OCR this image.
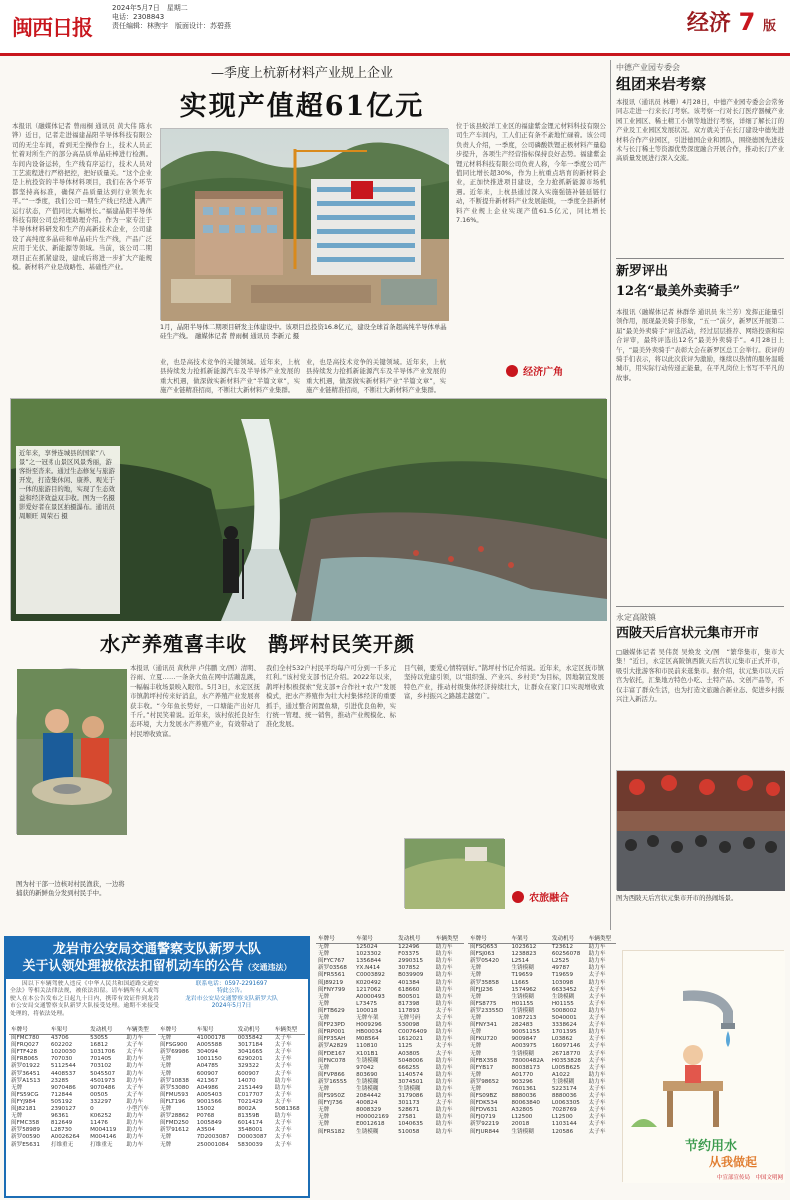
闽西日报
2024年5月7日　星期二
电话：2308843
责任编辑：林煦宇　版面设计：苏碧燕	经济 7 版
—季度上杭新材料产业规上企业
实现产值超61亿元
本报讯（融媒体记者 曾雨桐 通讯员 黄大伟 陈水铧）近日，记者走进福建晶阳半导体科技有限公司的无尘车间，看到无尘操作台上，技术人员正忙着对所生产的部分高品质单晶硅棒进行检测。车间内设备运转，生产线有序运行，技术人员对工艺流程进行严格把控，把好质量关。“这个企业是上杭投资的半导体材料项目，我们在各个环节都坚持高标准，确保产品质量达到行业领先水平。”“一季度，我们公司一期生产线已经进入满产运行状态，产值同比大幅增长。”福建晶阳半导体科技有限公司总经理助理介绍。作为一家专注于半导体材料研发和生产的高新技术企业，公司建设了高纯度多晶硅和单晶硅片生产线，产品广泛应用于光伏、新能源等领域。当前，该公司二期项目正在抓紧建设，建成后将进一步扩大产能规模。新材料产业是战略性、基础性产业。
1月，晶阳半导体二期项目研发主体建设中。该项目总投资16.8亿元，建设全球首条超高纯半导体单晶硅生产线。　融媒体记者 曾雨桐 通讯员 李新元 摄
业，也是高技术竞争的关键领域。近年来，上杭县持续发力抢抓新能源汽车及半导体产业发展的重大机遇，做深做实新材料产业“半篇文章”，实施产业链精准招商，不断壮大新材料产业集群。
业，也是高技术竞争的关键领域。近年来，上杭县持续发力抢抓新能源汽车及半导体产业发展的重大机遇，做深做实新材料产业“半篇文章”，实施产业链精准招商，不断壮大新材料产业集群。
位于该县蛟洋工业区的福建紫金锂元材料科技有限公司生产车间内，工人们正有条不紊地忙碌着。该公司负责人介绍，一季度，公司磷酸铁锂正极材料产量稳步提升，各项生产经营指标保持良好态势。福建紫金锂元材料科技有限公司负责人称，今年一季度公司产值同比增长超30%，作为上杭重点培育的新材料企业，正加快推进项目建设，全力抢抓新能源市场机遇。近年来，上杭县通过深入实施强链补链延链行动，不断提升新材料产业发展能级，一季度全县新材料产业规上企业实现产值61.5亿元，同比增长7.16%。
经济广角
近年来，享誉连城县的国家“八景”之一冠豸山景区风景秀丽，游客纷至沓来。通过生态修复与旅游开发，打造集休闲、康养、观光于一体的旅游目的地，实现了生态效益和经济效益双丰收。图为一名摄影爱好者在景区拍摄瀑布。通讯员 周顺旺 周荣石 摄
水产养殖喜丰收　鹊坪村民笑开颜
图为村干部一边核对村民渔获，一边将捕获的新鲜鱼分发到村民手中。
本报讯（通讯员 黄秋萍 卢伟鹏 文/图）清明、谷雨、立夏……一条条大鱼在网中活蹦乱跳，一幅幅丰收场景映入眼帘。5月3日，永定区抚市镇鹊坪村传来好消息，水产养殖产业发展喜获丰收。“今年鱼长势好，一口塘能产出好几千斤。”村民笑着说。近年来，该村依托良好生态环境，大力发展水产养殖产业，有效带动了村民增收致富。
我们全村532户村民平均每户可分到一千多元红利。”该村党支部书记介绍。2022年以来，鹊坪村积极探索“党支部+合作社+农户”发展模式，把水产养殖作为壮大村集体经济的重要抓手，通过整合闲置鱼塘，引进优良鱼种，实行统一管理、统一销售，推动产业规模化、标准化发展。
目气顿，要爱心情特别好。”鹊坪村书记介绍说。近年来，永定区抚市镇坚持以党建引领，以“组织强、产业兴、乡村美”为目标，因地制宜发展特色产业，推动村级集体经济持续壮大，让群众在家门口实现增收致富，乡村振兴之路越走越宽广。
农旅融合
中德产业园专委会
组团来岩考察
本报讯（通讯员 林珊）4月28日，中德产业园专委会会常务同志走进一行来长汀考察。该考察一行对长汀医疗器械产业园工业园区、稀土精工小镇等地进行考察，详细了解长汀的产业及工业园区发展状况。双方就关于在长汀建设中德先进材料合作产业园区，引进德国企业和团队，围绕德国先进技术与长汀稀土等资源优势深度融合开展合作，推动长汀产业高质量发展进行深入交流。
新罗评出
12名“最美外卖骑手”
本报讯（融媒体记者 林群华 通讯员 朱兰芳）发挥正能量引领作用，展现最美骑手形象，“五一”前夕，新罗区开展第二届“最美外卖骑手”评选活动，经过层层推荐、网络投票和综合评审，最终评选出12名“最美外卖骑手”。4月28日上午，“最美外卖骑手”表彰大会在新罗区总工会举行。获评的骑手们表示，将以此次获评为激励，继续以热情的服务温暖城市，用实际行动传递正能量，在平凡岗位上书写不平凡的故事。
永定高陂镇
西陂天后宫状元集市开市
□融媒体记者 吴伟贤 吴焕发 文/图　“繁华集市，集市大集！”近日，永定区高陂镇西陂天后宫状元集市正式开市，吸引大批游客和市民前来逛集市。据介绍，状元集市以天后宫为依托，汇集地方特色小吃、土特产品、文创产品等，不仅丰富了群众生活，也为打造文旅融合新业态、促进乡村振兴注入新活力。
图为西陂天后宫状元集市开市的热闹场景。
龙岩市公安局交通警察支队新罗大队
关于认领处理被依法扣留机动车的公告（交通违法）
　　因以下车辆驾驶人违反《中华人民共和国道路交通安全法》等相关法律法规，被依法扣留。请车辆所有人或驾驶人在本公告发布之日起九十日内，携带有效证件到龙岩市公安局交通警察支队新罗大队接受处理。逾期不来接受处理的，将依法处理。
联系电话：0597-2291697
特此公告。
龙岩市公安局交通警察支队新罗大队
2024年5月7日
车牌号	车架号	发动机号	车辆类型
闽FMC780	43706	53055	助力车
闽FRQ027	602202	16812	太子车
闽FTF428	1020030	1031706	太子车
闽FRB065	707030	701405	助力车
新罗01922	5112544	703102	助力车
新罗36451	4408537	5045507	助力车
新罗A1513	23285	4501973	助力车
无牌	9070486	9070486	太子车
闽FS59CG	712844	00505	太子车
闽FYJ984	505192	332297	助力车
闽J82181	2390127	0	小型汽车
无牌	96361	K06252	助力车
闽FMC358	812649	11476	助力车
新罗58989	L28730	M004119	助力车
新罗00590	A0026264	M004146	助力车
新罗E5631	打维重无	打维重无	助力车
车牌号	车架号	发动机号	车辆类型
无牌	41000178	0035842	太子车
闽FSG900	A005588	3017184	太子车
新罗69986	304094	3041665	太子车
无牌	1001150	6290201	太子车
无牌	A04785	329322	太子车
无牌	600907	600907	太子车
新罗10838	421367	14070	助力车
新罗53080	A04986	2151449	助力车
闽FMU593	A005403	C017707	太子车
闽FLT196	9001566	T021429	太子车
无牌	15002	8002A	5081368
新罗28862	P0768	81359B	助力车
闽FMD250	1005849	6014174	太子车
新罗91612	A3504	3548001	太子车
无牌	7D2003087	D0003087	太子车
无牌	250001084	5830039	太子车
车牌号	车架号	发动机号	车辆类型
无牌	125024	122496	助力车
无牌	1023302	F03375	助力车
闽FYC767	1356844	2990315	助力车
新罗03568	YX.N414	307852	助力车
闽FR5561	C0003892	B039909	助力车
闽J89219	K020492	401384	助力车
闽FNY799	1217062	618660	助力车
无牌	A0000493	B00501	助力车
无牌	L73475	817398	助力车
闽FTB629	100018	117893	太子车
无牌	无牌车架	无牌号码	太子车
闽FP23PD	H009296	530098	助力车
闽FRP001	HB00034	C0076409	助力车
闽FP35AH	M08564	1612021	助力车
新罗A2829	110810	1125	太子车
闽FDE167	X101B1	A03805	太子车
闽FNC078	生锈模糊	5048006	助力车
无牌	97042	666255	助力车
闽FVP866	803690	1140574	助力车
新罗16555	生锈模糊	3074501	助力车
无牌	生锈模糊	生锈模糊	助力车
闽FS950Z	2084442	3179086	助力车
闽FYJ736	400824	301173	太子车
无牌	8008329	528671	助力车
无牌	H00002169	27581	助力车
无牌	E0012618	1040635	助力车
闽FRS182	生锈模糊	510058	助力车
车牌号	车架号	发动机号	车辆类型
闽FSQ653	1023612	T23612	助力车
闽FSJ063	1238823	60256078	助力车
新罗05420	L2514	L2525	助力车
无牌	生锈模糊	49787	助力车
无牌	T19659	T19659	太子车
新罗35858	L1665	103098	助力车
闽FJJ236	1574962	6633452	太子车
无牌	生锈模糊	生锈模糊	太子车
闽FS8775	H01155	H01155	太子车
新罗23355D	生锈模糊	5008002	助力车
无牌	1087213	5040001	太子车
闽FNY341	282483	3338624	太子车
无牌	90051155	1701395	助力车
闽FKU720	9009847	L03862	太子车
无牌	A003975	16097146	太子车
无牌	生锈模糊	26718770	太子车
闽FBX358	78000482A	H0353828	太子车
闽FYB17	80038173	L005B625	太子车
无牌	A01770	A1022	助力车
新罗98652	903296	生锈模糊	助力车
无牌	7601361	5223174	太子车
闽FS09BZ	8880036	8880036	太子车
闽FDK534	80063840	L0063305	太子车
闽FDV631	A32805	7028769	太子车
闽FJQ719	L12500	L12500	太子车
新罗92219	20018	1103144	太子车
闽FJUR844	生锈模糊	120586	太子车
节约用水
从我做起
中宣部宣传局　中国文明网
